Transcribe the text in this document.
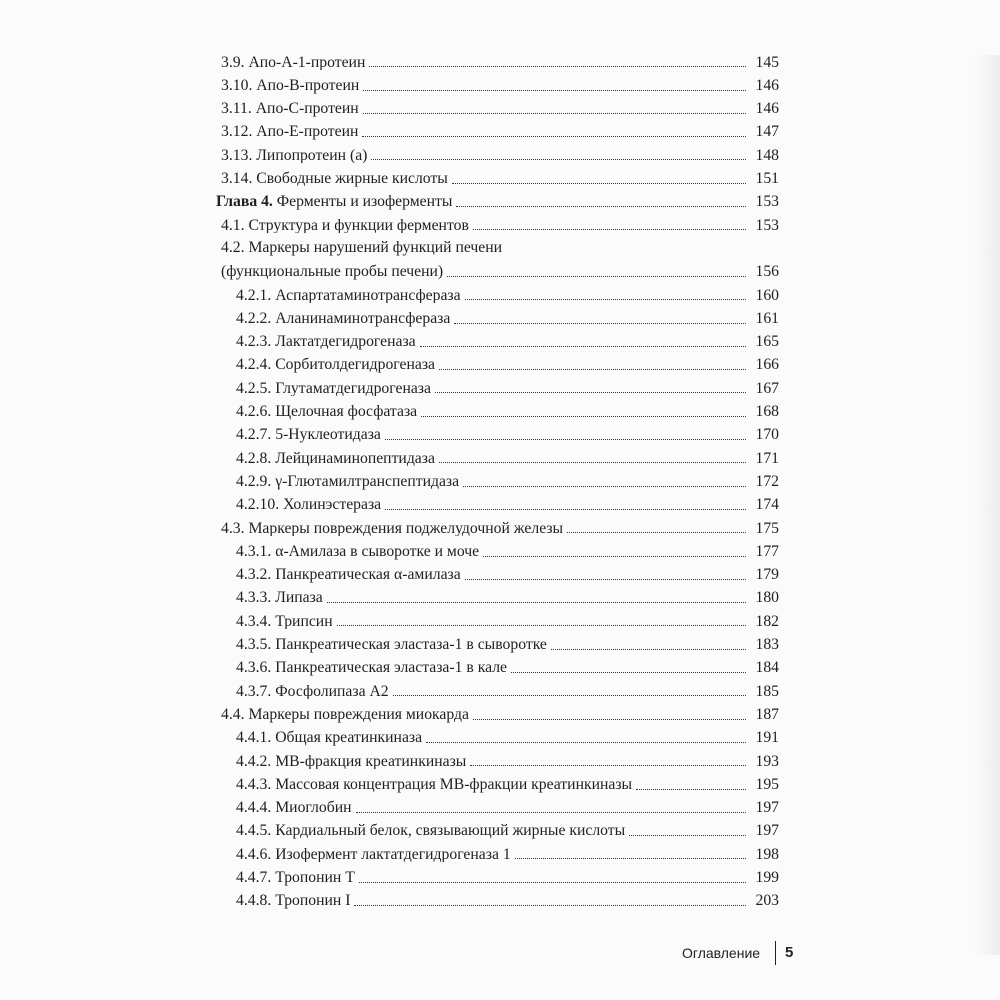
3.9. Апо-А-1-протеин	145
3.10. Апо-В-протеин	146
3.11. Апо-С-протеин	146
3.12. Апо-Е-протеин	147
3.13. Липопротеин (а)	148
3.14. Свободные жирные кислоты	151
Глава 4. Ферменты и изоферменты	153
4.1. Структура и функции ферментов	153
4.2. Маркеры нарушений функций печени
(функциональные пробы печени)	156
4.2.1. Аспартатаминотрансфераза	160
4.2.2. Аланинаминотрансфераза	161
4.2.3. Лактатдегидрогеназа	165
4.2.4. Сорбитолдегидрогеназа	166
4.2.5. Глутаматдегидрогеназа	167
4.2.6. Щелочная фосфатаза	168
4.2.7. 5-Нуклеотидаза	170
4.2.8. Лейцинаминопептидаза	171
4.2.9. γ-Глютамилтранспептидаза	172
4.2.10. Холинэстераза	174
4.3. Маркеры повреждения поджелудочной железы	175
4.3.1. α-Амилаза в сыворотке и моче	177
4.3.2. Панкреатическая α-амилаза	179
4.3.3. Липаза	180
4.3.4. Трипсин	182
4.3.5. Панкреатическая эластаза-1 в сыворотке	183
4.3.6. Панкреатическая эластаза-1 в кале	184
4.3.7. Фосфолипаза А2	185
4.4. Маркеры повреждения миокарда	187
4.4.1. Общая креатинкиназа	191
4.4.2. МВ-фракция креатинкиназы	193
4.4.3. Массовая концентрация МВ-фракции креатинкиназы	195
4.4.4. Миоглобин	197
4.4.5. Кардиальный белок, связывающий жирные кислоты	197
4.4.6. Изофермент лактатдегидрогеназа 1	198
4.4.7. Тропонин Т	199
4.4.8. Тропонин I	203
Оглавление 5
